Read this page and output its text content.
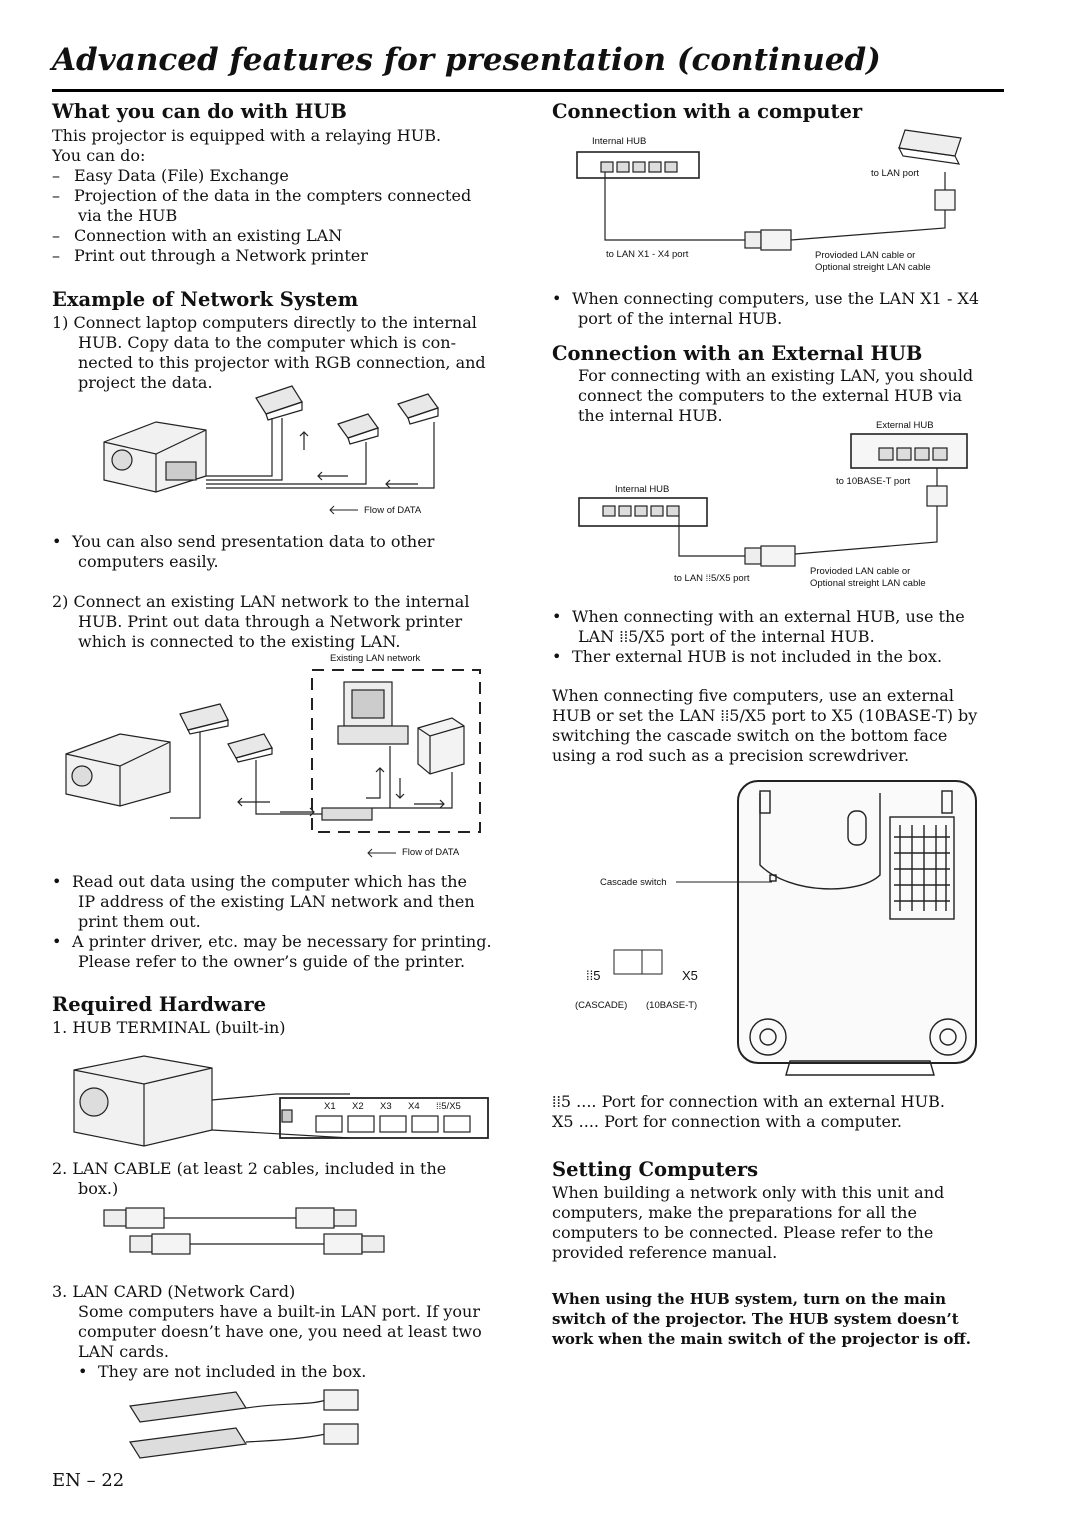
Advanced features for presentation (continued)
What you can do with HUB
This projector is equipped with a relaying HUB.
You can do:
– Easy Data (File) Exchange
– Projection of the data in the compters connected
via the HUB
– Connection with an existing LAN
– Print out through a Network printer
Example of Network System
1) Connect laptop computers directly to the internal
HUB. Copy data to the computer which is con-
nected to this projector with RGB connection, and
project the data.
Flow of DATA
• You can also send presentation data to other
computers easily.
2) Connect an existing LAN network to the internal
HUB. Print out data through a Network printer
which is connected to the existing LAN.
Existing LAN network
Flow of DATA
• Read out data using the computer which has the
IP address of the existing LAN network and then
print them out.
• A printer driver, etc. may be necessary for printing.
Please refer to the owner’s guide of the printer.
Required Hardware
1. HUB TERMINAL (built-in)
X1 X2 X3 X4 ⁞⁞5/X5
2. LAN CABLE (at least 2 cables, included in the
box.)
3. LAN CARD (Network Card)
Some computers have a built-in LAN port. If your
computer doesn’t have one, you need at least two
LAN cards.
• They are not included in the box.
EN – 22
Connection with a computer
Internal HUB
to LAN port
to LAN X1 - X4 port	Provioded LAN cable or
Optional streight LAN cable
• When connecting computers, use the LAN X1 - X4
port of the internal HUB.
Connection with an External HUB
For connecting with an existing LAN, you should
connect the computers to the external HUB via
the internal HUB.
External HUB
to 10BASE-T port
Internal HUB
to LAN ⁞⁞5/X5 port
Provioded LAN cable or
Optional streight LAN cable
• When connecting with an external HUB, use the
LAN ⁞⁞5/X5 port of the internal HUB.
• Ther external HUB is not included in the box.
When connecting five computers, use an external
HUB or set the LAN ⁞⁞5/X5 port to X5 (10BASE-T) by
switching the cascade switch on the bottom face
using a rod such as a precision screwdriver.
Cascade switch
⁞⁞5	X5
(CASCADE) (10BASE-T)
⁞⁞5 .... Port for connection with an external HUB.
X5 .... Port for connection with a computer.
Setting Computers
When building a network only with this unit and
computers, make the preparations for all the
computers to be connected. Please refer to the
provided reference manual.
When using the HUB system, turn on the main
switch of the projector. The HUB system doesn’t
work when the main switch of the projector is off.
